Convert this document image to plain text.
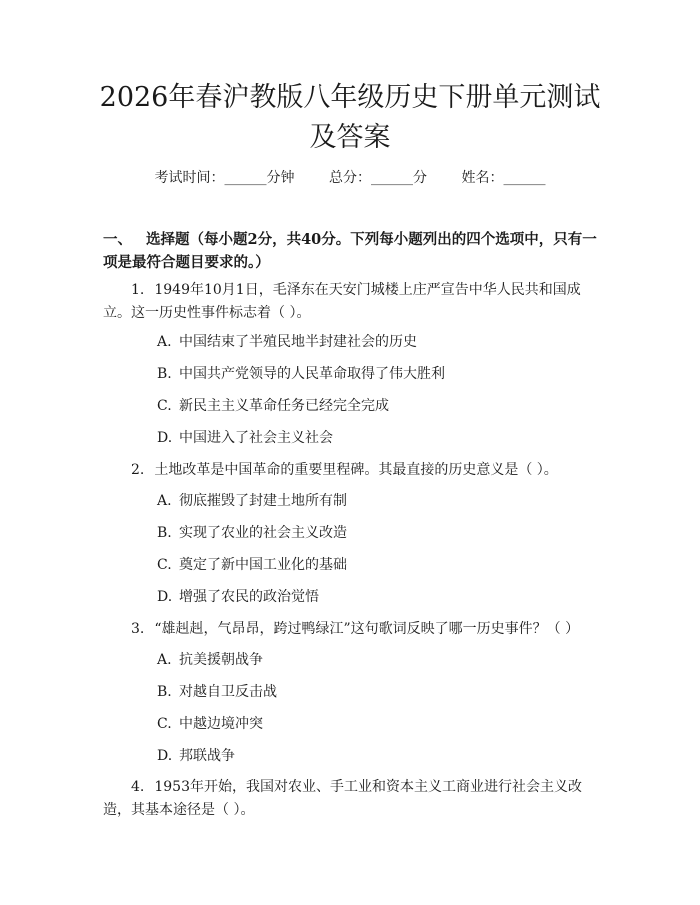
2026年春沪教版八年级历史下册单元测试及答案
考试时间：______分钟 总分：______分 姓名：______
一、 选择题（每小题2分，共40分。下列每小题列出的四个选项中，只有一项是最符合题目要求的。）
1. 1949年10月1日，毛泽东在天安门城楼上庄严宣告中华人民共和国成立。这一历史性事件标志着（ ）。
A. 中国结束了半殖民地半封建社会的历史
B. 中国共产党领导的人民革命取得了伟大胜利
C. 新民主主义革命任务已经完全完成
D. 中国进入了社会主义社会
2. 土地改革是中国革命的重要里程碑。其最直接的历史意义是（ ）。
A. 彻底摧毁了封建土地所有制
B. 实现了农业的社会主义改造
C. 奠定了新中国工业化的基础
D. 增强了农民的政治觉悟
3. “雄赳赳，气昂昂，跨过鸭绿江”这句歌词反映了哪一历史事件？（ ）
A. 抗美援朝战争
B. 对越自卫反击战
C. 中越边境冲突
D. 邦联战争
4. 1953年开始，我国对农业、手工业和资本主义工商业进行社会主义改造，其基本途径是（ ）。
